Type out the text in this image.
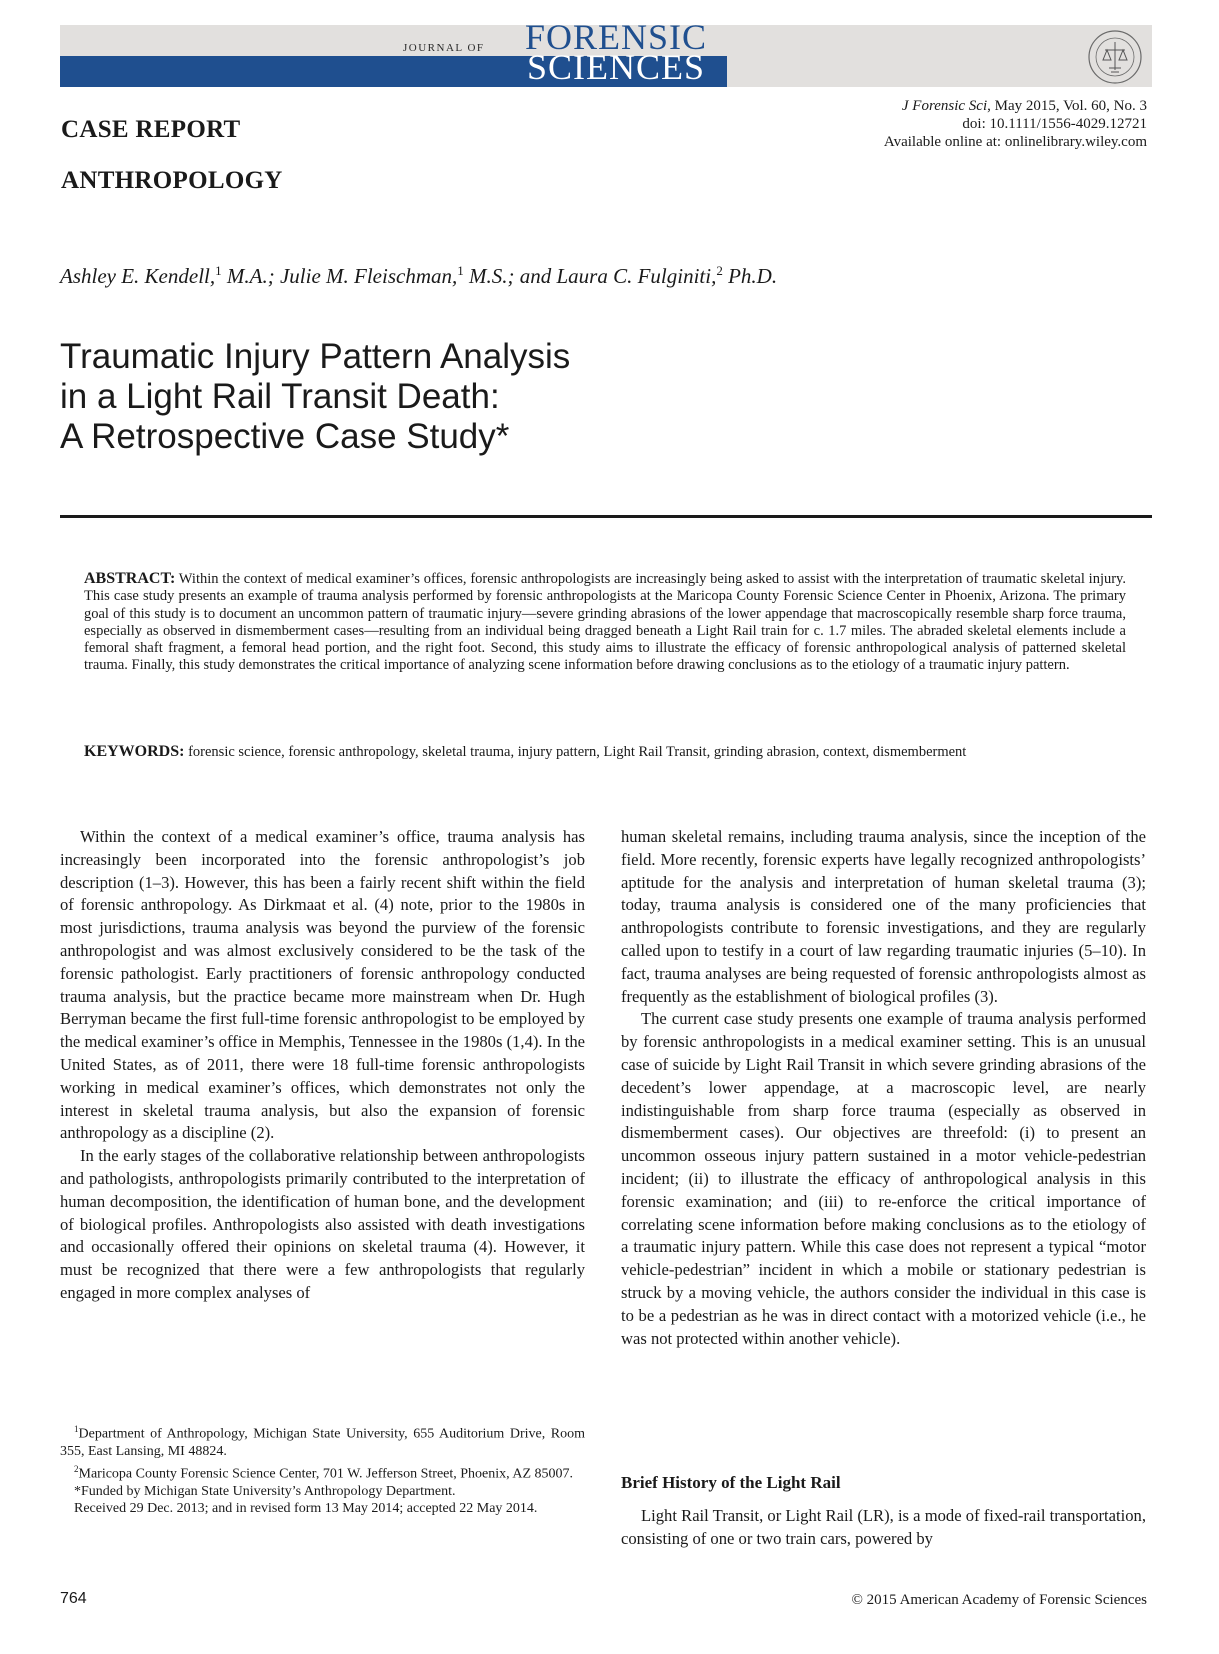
JOURNAL OF	FORENSIC
SCIENCES
J Forensic Sci, May 2015, Vol. 60, No. 3
doi: 10.1111/1556-4029.12721
Available online at: onlinelibrary.wiley.com
CASE REPORT
ANTHROPOLOGY
Ashley E. Kendell,$^1$ M.A.; Julie M. Fleischman,$^1$ M.S.; and Laura C. Fulginiti,$^2$ Ph.D.
Traumatic Injury Pattern Analysis
in a Light Rail Transit Death:
A Retrospective Case Study*
ABSTRACT: Within the context of medical examiner’s offices, forensic anthropologists are increasingly being asked to assist with the interpretation of traumatic skeletal injury. This case study presents an example of trauma analysis performed by forensic anthropologists at the Maricopa County Forensic Science Center in Phoenix, Arizona. The primary goal of this study is to document an uncommon pattern of traumatic injury—severe grinding abrasions of the lower appendage that macroscopically resemble sharp force trauma, especially as observed in dismemberment cases—resulting from an individual being dragged beneath a Light Rail train for c. 1.7 miles. The abraded skeletal elements include a femoral shaft fragment, a femoral head portion, and the right foot. Second, this study aims to illustrate the efficacy of forensic anthropological analysis of patterned skeletal trauma. Finally, this study demonstrates the critical importance of analyzing scene information before drawing conclusions as to the etiology of a traumatic injury pattern.
KEYWORDS: forensic science, forensic anthropology, skeletal trauma, injury pattern, Light Rail Transit, grinding abrasion, context, dismemberment

Within the context of a medical examiner’s office, trauma analysis has increasingly been incorporated into the forensic anthropologist’s job description (1–3). However, this has been a fairly recent shift within the field of forensic anthropology. As Dirkmaat et al. (4) note, prior to the 1980s in most jurisdictions, trauma analysis was beyond the purview of the forensic anthropologist and was almost exclusively considered to be the task of the forensic pathologist. Early practitioners of forensic anthropology conducted trauma analysis, but the practice became more mainstream when Dr. Hugh Berryman became the first full-time forensic anthropologist to be employed by the medical examiner’s office in Memphis, Tennessee in the 1980s (1,4). In the United States, as of 2011, there were 18 full-time forensic anthropologists working in medical examiner’s offices, which demonstrates not only the interest in skeletal trauma analysis, but also the expansion of forensic anthropology as a discipline (2).

In the early stages of the collaborative relationship between anthropologists and pathologists, anthropologists primarily contributed to the interpretation of human decomposition, the identification of human bone, and the development of biological profiles. Anthropologists also assisted with death investigations and occasionally offered their opinions on skeletal trauma (4). However, it must be recognized that there were a few anthropologists that regularly engaged in more complex analyses of

human skeletal remains, including trauma analysis, since the inception of the field. More recently, forensic experts have legally recognized anthropologists’ aptitude for the analysis and interpretation of human skeletal trauma (3); today, trauma analysis is considered one of the many proficiencies that anthropologists contribute to forensic investigations, and they are regularly called upon to testify in a court of law regarding traumatic injuries (5–10). In fact, trauma analyses are being requested of forensic anthropologists almost as frequently as the establishment of biological profiles (3).

The current case study presents one example of trauma analysis performed by forensic anthropologists in a medical examiner setting. This is an unusual case of suicide by Light Rail Transit in which severe grinding abrasions of the decedent’s lower appendage, at a macroscopic level, are nearly indistinguishable from sharp force trauma (especially as observed in dismemberment cases). Our objectives are threefold: (i) to present an uncommon osseous injury pattern sustained in a motor vehicle-pedestrian incident; (ii) to illustrate the efficacy of anthropological analysis in this forensic examination; and (iii) to re-enforce the critical importance of correlating scene information before making conclusions as to the etiology of a traumatic injury pattern. While this case does not represent a typical “motor vehicle-pedestrian” incident in which a mobile or stationary pedestrian is struck by a moving vehicle, the authors consider the individual in this case is to be a pedestrian as he was in direct contact with a motorized vehicle (i.e., he was not protected within another vehicle).

Brief History of the Light Rail

Light Rail Transit, or Light Rail (LR), is a mode of fixed-rail transportation, consisting of one or two train cars, powered by

$^1$Department of Anthropology, Michigan State University, 655 Auditorium Drive, Room 355, East Lansing, MI 48824.

$^2$Maricopa County Forensic Science Center, 701 W. Jefferson Street, Phoenix, AZ 85007.

*Funded by Michigan State University’s Anthropology Department.

Received 29 Dec. 2013; and in revised form 13 May 2014; accepted 22 May 2014.

764	© 2015 American Academy of Forensic Sciences
